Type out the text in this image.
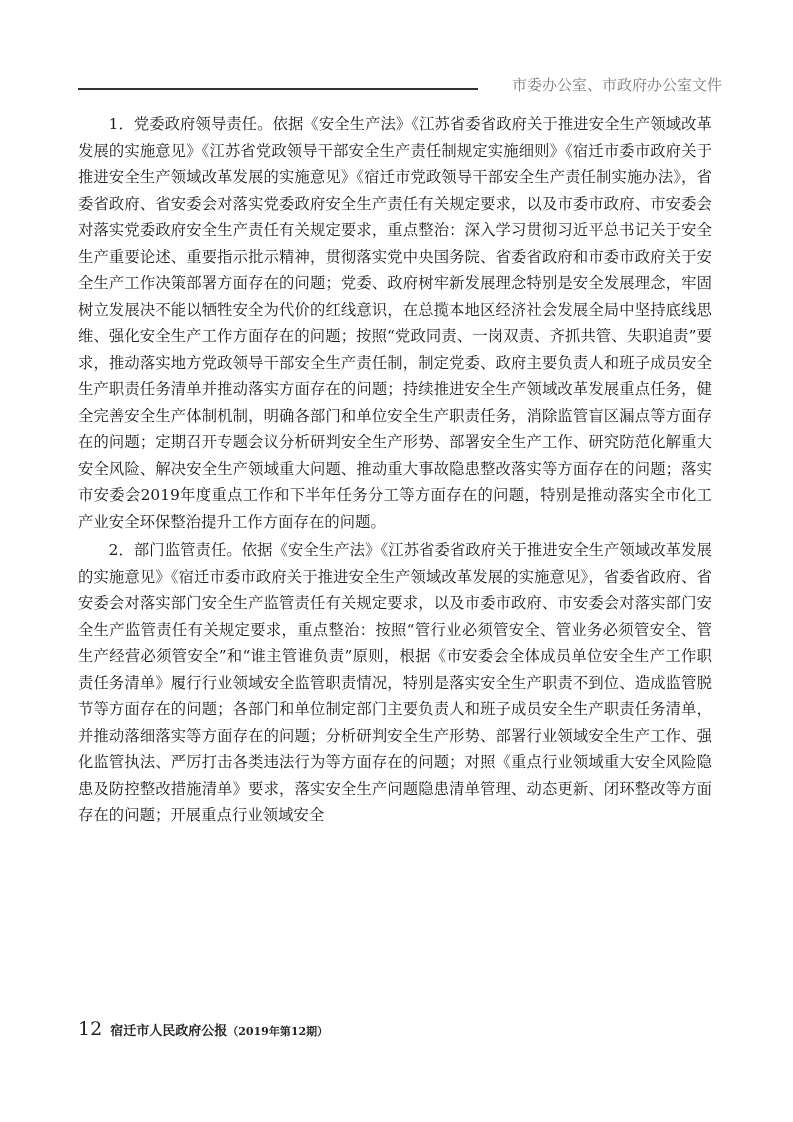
市委办公室、市政府办公室文件

1．党委政府领导责任。依据《安全生产法》《江苏省委省政府关于推进安全生产领域改革发展的实施意见》《江苏省党政领导干部安全生产责任制规定实施细则》《宿迁市委市政府关于推进安全生产领域改革发展的实施意见》《宿迁市党政领导干部安全生产责任制实施办法》，省委省政府、省安委会对落实党委政府安全生产责任有关规定要求，以及市委市政府、市安委会对落实党委政府安全生产责任有关规定要求，重点整治：深入学习贯彻习近平总书记关于安全生产重要论述、重要指示批示精神，贯彻落实党中央国务院、省委省政府和市委市政府关于安全生产工作决策部署方面存在的问题；党委、政府树牢新发展理念特别是安全发展理念，牢固树立发展决不能以牺牲安全为代价的红线意识，在总揽本地区经济社会发展全局中坚持底线思维、强化安全生产工作方面存在的问题；按照“党政同责、一岗双责、齐抓共管、失职追责”要求，推动落实地方党政领导干部安全生产责任制，制定党委、政府主要负责人和班子成员安全生产职责任务清单并推动落实方面存在的问题；持续推进安全生产领域改革发展重点任务，健全完善安全生产体制机制，明确各部门和单位安全生产职责任务，消除监管盲区漏点等方面存在的问题；定期召开专题会议分析研判安全生产形势、部署安全生产工作、研究防范化解重大安全风险、解决安全生产领域重大问题、推动重大事故隐患整改落实等方面存在的问题；落实市安委会2019年度重点工作和下半年任务分工等方面存在的问题，特别是推动落实全市化工产业安全环保整治提升工作方面存在的问题。

2．部门监管责任。依据《安全生产法》《江苏省委省政府关于推进安全生产领域改革发展的实施意见》《宿迁市委市政府关于推进安全生产领域改革发展的实施意见》，省委省政府、省安委会对落实部门安全生产监管责任有关规定要求，以及市委市政府、市安委会对落实部门安全生产监管责任有关规定要求，重点整治：按照“管行业必须管安全、管业务必须管安全、管生产经营必须管安全”和“谁主管谁负责”原则，根据《市安委会全体成员单位安全生产工作职责任务清单》履行行业领域安全监管职责情况，特别是落实安全生产职责不到位、造成监管脱节等方面存在的问题；各部门和单位制定部门主要负责人和班子成员安全生产职责任务清单，并推动落细落实等方面存在的问题；分析研判安全生产形势、部署行业领域安全生产工作、强化监管执法、严厉打击各类违法行为等方面存在的问题；对照《重点行业领域重大安全风险隐患及防控整改措施清单》要求，落实安全生产问题隐患清单管理、动态更新、闭环整改等方面存在的问题；开展重点行业领域安全

12 宿迁市人民政府公报 （2019年第12期）
